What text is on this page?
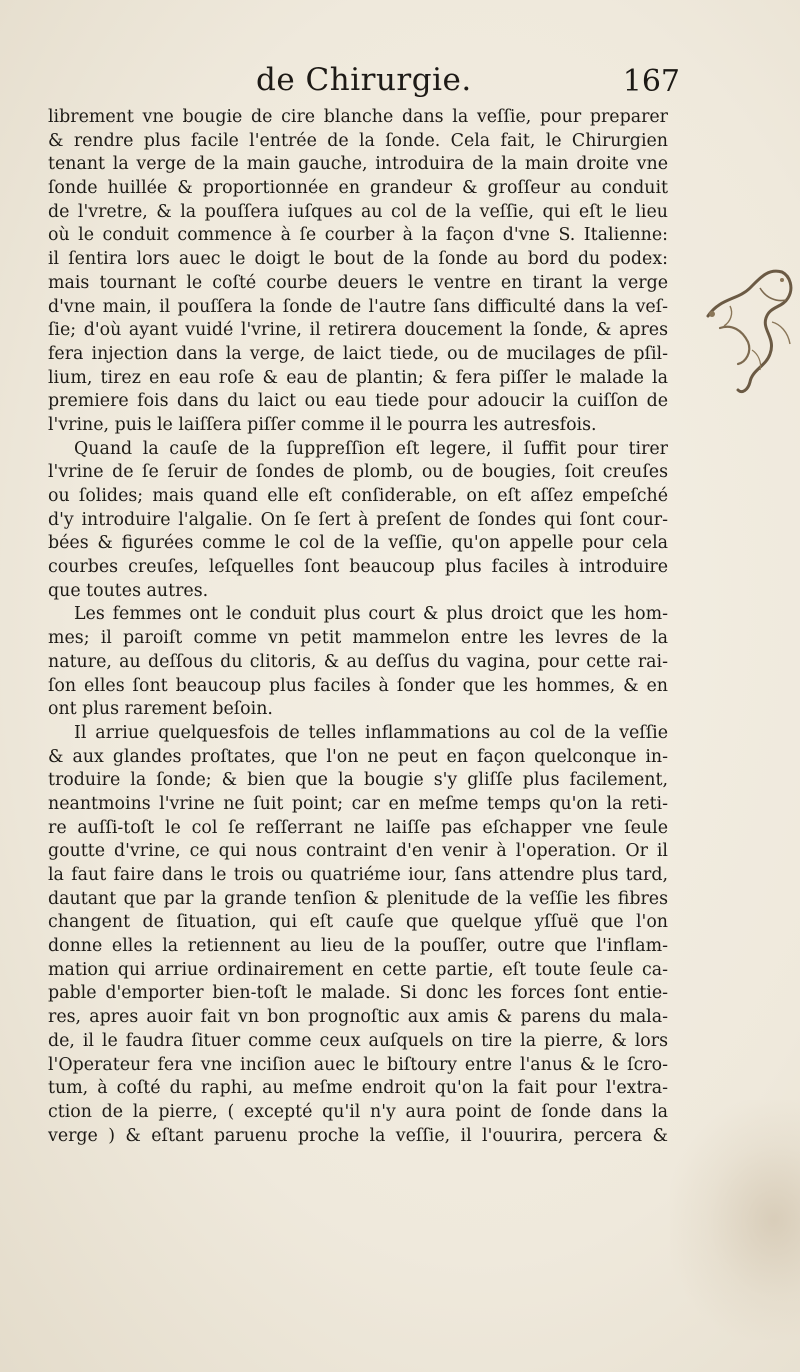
de Chirurgie.	167
librement vne bougie de cire blanche dans la veſſie, pour preparer
& rendre plus facile l'entrée de la ſonde. Cela fait, le Chirurgien
tenant la verge de la main gauche, introduira de la main droite vne
ſonde huillée & proportionnée en grandeur & groſſeur au conduit
de l'vretre, & la pouſſera iuſques au col de la veſſie, qui eſt le lieu
où le conduit commence à ſe courber à la façon d'vne S. Italienne:
il ſentira lors auec le doigt le bout de la ſonde au bord du podex:
mais tournant le coſté courbe deuers le ventre en tirant la verge
d'vne main, il pouſſera la ſonde de l'autre ſans difficulté dans la veſ-
ſie; d'où ayant vuidé l'vrine, il retirera doucement la ſonde, & apres
fera injection dans la verge, de laict tiede, ou de mucilages de pſil-
lium, tirez en eau roſe & eau de plantin; & fera piſſer le malade la
premiere fois dans du laict ou eau tiede pour adoucir la cuiſſon de
l'vrine, puis le laiſſera piſſer comme il le pourra les autresfois.
Quand la cauſe de la ſuppreſſion eſt legere, il ſuffit pour tirer
l'vrine de ſe ſeruir de ſondes de plomb, ou de bougies, ſoit creuſes
ou ſolides; mais quand elle eſt conſiderable, on eſt aſſez empeſché
d'y introduire l'algalie. On ſe ſert à preſent de ſondes qui ſont cour-
bées & figurées comme le col de la veſſie, qu'on appelle pour cela
courbes creuſes, leſquelles ſont beaucoup plus faciles à introduire
que toutes autres.
Les femmes ont le conduit plus court & plus droict que les hom-
mes; il paroiſt comme vn petit mammelon entre les levres de la
nature, au deſſous du clitoris, & au deſſus du vagina, pour cette rai-
ſon elles ſont beaucoup plus faciles à ſonder que les hommes, & en
ont plus rarement beſoin.
Il arriue quelquesfois de telles inflammations au col de la veſſie
& aux glandes proſtates, que l'on ne peut en façon quelconque in-
troduire la ſonde; & bien que la bougie s'y gliſſe plus facilement,
neantmoins l'vrine ne ſuit point; car en meſme temps qu'on la reti-
re auſſi-toſt le col ſe reſſerrant ne laiſſe pas eſchapper vne ſeule
goutte d'vrine, ce qui nous contraint d'en venir à l'operation. Or il
la faut faire dans le trois ou quatriéme iour, ſans attendre plus tard,
dautant que par la grande tenſion & plenitude de la veſſie les fibres
changent de ſituation, qui eſt cauſe que quelque yſſuë que l'on
donne elles la retiennent au lieu de la pouſſer, outre que l'inflam-
mation qui arriue ordinairement en cette partie, eſt toute ſeule ca-
pable d'emporter bien-toſt le malade. Si donc les forces ſont entie-
res, apres auoir fait vn bon prognoſtic aux amis & parens du mala-
de, il le faudra ſituer comme ceux auſquels on tire la pierre, & lors
l'Operateur fera vne inciſion auec le biſtoury entre l'anus & le ſcro-
tum, à coſté du raphi, au meſme endroit qu'on la fait pour l'extra-
ction de la pierre, ( excepté qu'il n'y aura point de ſonde dans la
verge ) & eſtant paruenu proche la veſſie, il l'ouurira, percera &
